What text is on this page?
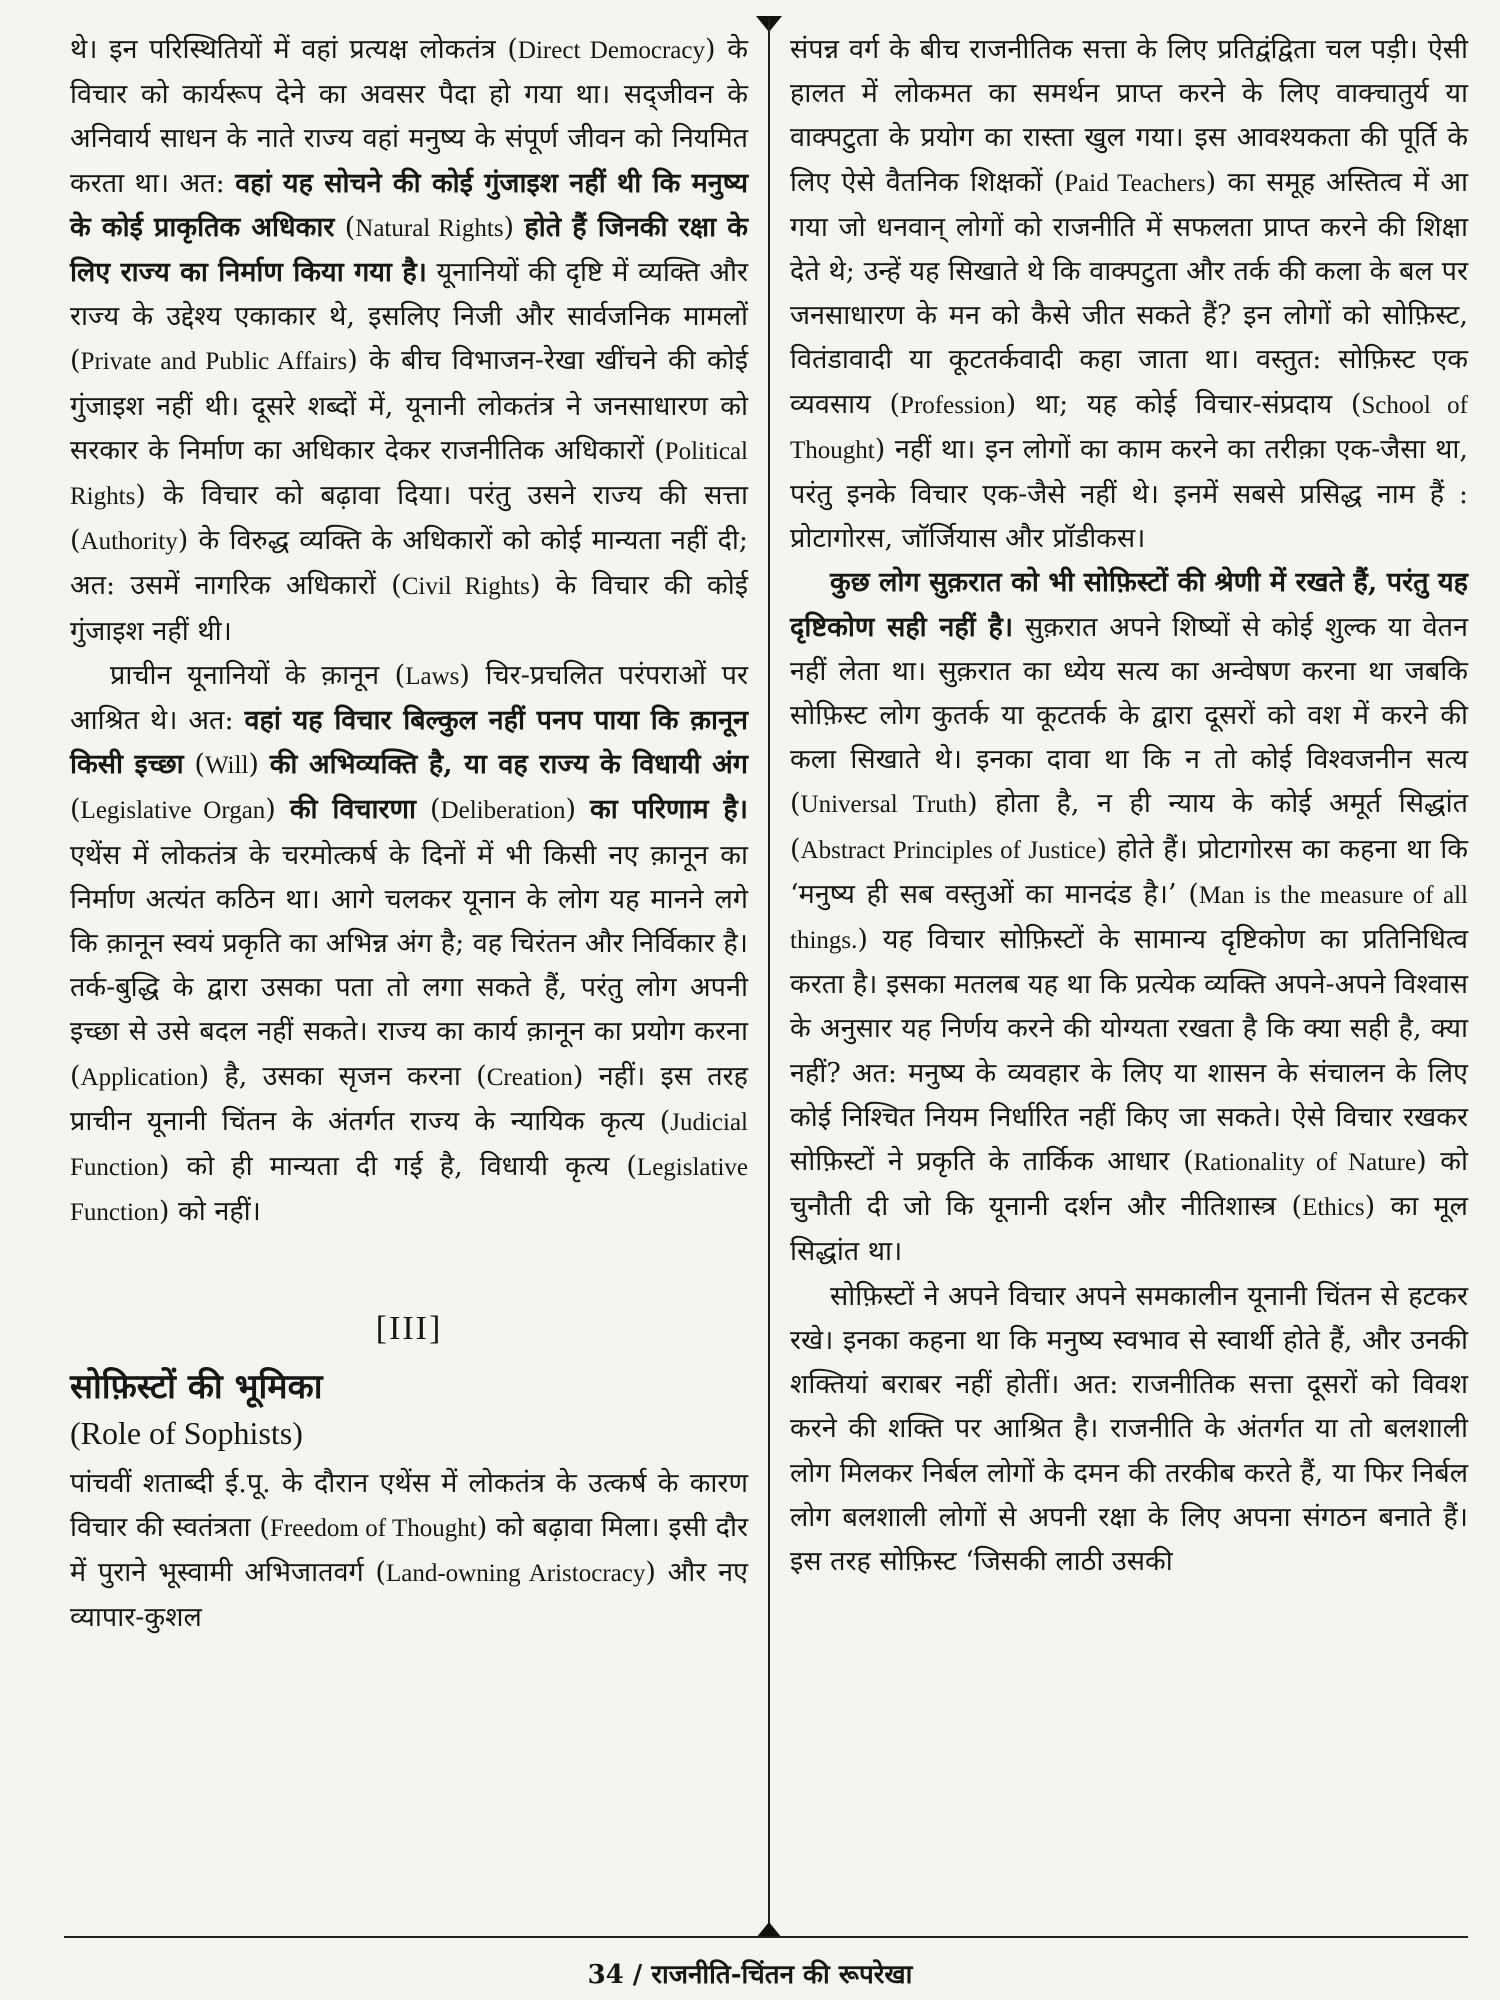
थे। इन परिस्थितियों में वहां प्रत्यक्ष लोकतंत्र (Direct Democracy) के विचार को कार्यरूप देने का अवसर पैदा हो गया था। सद्जीवन के अनिवार्य साधन के नाते राज्य वहां मनुष्य के संपूर्ण जीवन को नियमित करता था। अत: वहां यह सोचने की कोई गुंजाइश नहीं थी कि मनुष्य के कोई प्राकृतिक अधिकार (Natural Rights) होते हैं जिनकी रक्षा के लिए राज्य का निर्माण किया गया है। यूनानियों की दृष्टि में व्यक्ति और राज्य के उद्देश्य एकाकार थे, इसलिए निजी और सार्वजनिक मामलों (Private and Public Affairs) के बीच विभाजन-रेखा खींचने की कोई गुंजाइश नहीं थी। दूसरे शब्दों में, यूनानी लोकतंत्र ने जनसाधारण को सरकार के निर्माण का अधिकार देकर राजनीतिक अधिकारों (Political Rights) के विचार को बढ़ावा दिया। परंतु उसने राज्य की सत्ता (Authority) के विरुद्ध व्यक्ति के अधिकारों को कोई मान्यता नहीं दी; अत: उसमें नागरिक अधिकारों (Civil Rights) के विचार की कोई गुंजाइश नहीं थी।

प्राचीन यूनानियों के क़ानून (Laws) चिर-प्रचलित परंपराओं पर आश्रित थे। अत: वहां यह विचार बिल्कुल नहीं पनप पाया कि क़ानून किसी इच्छा (Will) की अभिव्यक्ति है, या वह राज्य के विधायी अंग (Legislative Organ) की विचारणा (Deliberation) का परिणाम है। एथेंस में लोकतंत्र के चरमोत्कर्ष के दिनों में भी किसी नए क़ानून का निर्माण अत्यंत कठिन था। आगे चलकर यूनान के लोग यह मानने लगे कि क़ानून स्वयं प्रकृति का अभिन्न अंग है; वह चिरंतन और निर्विकार है। तर्क-बुद्धि के द्वारा उसका पता तो लगा सकते हैं, परंतु लोग अपनी इच्छा से उसे बदल नहीं सकते। राज्य का कार्य क़ानून का प्रयोग करना (Application) है, उसका सृजन करना (Creation) नहीं। इस तरह प्राचीन यूनानी चिंतन के अंतर्गत राज्य के न्यायिक कृत्य (Judicial Function) को ही मान्यता दी गई है, विधायी कृत्य (Legislative Function) को नहीं।

[III]
सोफ़िस्टों की भूमिका
(Role of Sophists)

पांचवीं शताब्दी ई.पू. के दौरान एथेंस में लोकतंत्र के उत्कर्ष के कारण विचार की स्वतंत्रता (Freedom of Thought) को बढ़ावा मिला। इसी दौर में पुराने भूस्वामी अभिजातवर्ग (Land-owning Aristocracy) और नए व्यापार-कुशल

संपन्न वर्ग के बीच राजनीतिक सत्ता के लिए प्रतिद्वंद्विता चल पड़ी। ऐसी हालत में लोकमत का समर्थन प्राप्त करने के लिए वाक्चातुर्य या वाक्पटुता के प्रयोग का रास्ता खुल गया। इस आवश्यकता की पूर्ति के लिए ऐसे वैतनिक शिक्षकों (Paid Teachers) का समूह अस्तित्व में आ गया जो धनवान् लोगों को राजनीति में सफलता प्राप्त करने की शिक्षा देते थे; उन्हें यह सिखाते थे कि वाक्पटुता और तर्क की कला के बल पर जनसाधारण के मन को कैसे जीत सकते हैं? इन लोगों को सोफ़िस्ट, वितंडावादी या कूटतर्कवादी कहा जाता था। वस्तुत: सोफ़िस्ट एक व्यवसाय (Profession) था; यह कोई विचार-संप्रदाय (School of Thought) नहीं था। इन लोगों का काम करने का तरीक़ा एक-जैसा था, परंतु इनके विचार एक-जैसे नहीं थे। इनमें सबसे प्रसिद्ध नाम हैं : प्रोटागोरस, जॉर्जियास और प्रॉडीकस।

कुछ लोग सुक़रात को भी सोफ़िस्टों की श्रेणी में रखते हैं, परंतु यह दृष्टिकोण सही नहीं है। सुक़रात अपने शिष्यों से कोई शुल्क या वेतन नहीं लेता था। सुक़रात का ध्येय सत्य का अन्वेषण करना था जबकि सोफ़िस्ट लोग कुतर्क या कूटतर्क के द्वारा दूसरों को वश में करने की कला सिखाते थे। इनका दावा था कि न तो कोई विश्वजनीन सत्य (Universal Truth) होता है, न ही न्याय के कोई अमूर्त सिद्धांत (Abstract Principles of Justice) होते हैं। प्रोटागोरस का कहना था कि ‘मनुष्य ही सब वस्तुओं का मानदंड है।’ (Man is the measure of all things.) यह विचार सोफ़िस्टों के सामान्य दृष्टिकोण का प्रतिनिधित्व करता है। इसका मतलब यह था कि प्रत्येक व्यक्ति अपने-अपने विश्वास के अनुसार यह निर्णय करने की योग्यता रखता है कि क्या सही है, क्या नहीं? अत: मनुष्य के व्यवहार के लिए या शासन के संचालन के लिए कोई निश्चित नियम निर्धारित नहीं किए जा सकते। ऐसे विचार रखकर सोफ़िस्टों ने प्रकृति के तार्किक आधार (Rationality of Nature) को चुनौती दी जो कि यूनानी दर्शन और नीतिशास्त्र (Ethics) का मूल सिद्धांत था।

सोफ़िस्टों ने अपने विचार अपने समकालीन यूनानी चिंतन से हटकर रखे। इनका कहना था कि मनुष्य स्वभाव से स्वार्थी होते हैं, और उनकी शक्तियां बराबर नहीं होतीं। अत: राजनीतिक सत्ता दूसरों को विवश करने की शक्ति पर आश्रित है। राजनीति के अंतर्गत या तो बलशाली लोग मिलकर निर्बल लोगों के दमन की तरकीब करते हैं, या फिर निर्बल लोग बलशाली लोगों से अपनी रक्षा के लिए अपना संगठन बनाते हैं। इस तरह सोफ़िस्ट ‘जिसकी लाठी उसकी

34 / राजनीति-चिंतन की रूपरेखा
